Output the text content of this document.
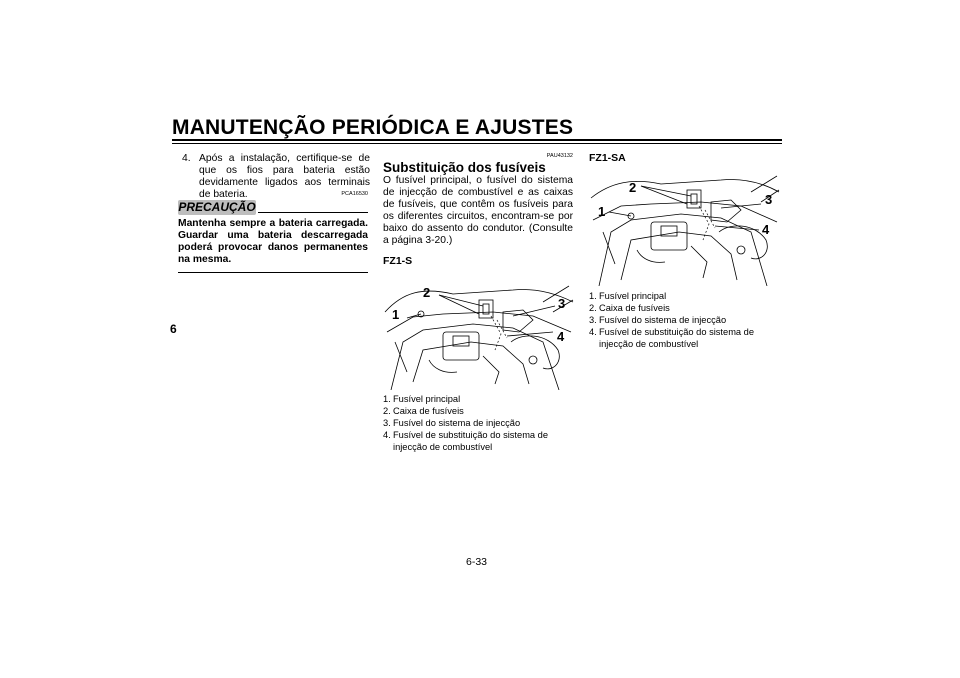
MANUTENÇÃO PERIÓDICA E AJUSTES
6
4. Após a instalação, certifique-se de que os fios para bateria estão devidamente ligados aos terminais de bateria.	PCA16530
PRECAUÇÃO
Mantenha sempre a bateria carregada. Guardar uma bateria descarregada poderá provocar danos permanentes na mesma.
PAU43132
Substituição dos fusíveis
O fusível principal, o fusível do sistema de injecção de combustível e as caixas de fusíveis, que contêm os fusíveis para os diferentes circuitos, encontram-se por baixo do assento do condutor. (Consulte a página 3-20.)
FZ1-S
1
2
3
4
1. Fusível principal
2. Caixa de fusíveis
3. Fusível do sistema de injecção
4. Fusível de substituição do sistema de injecção de combustível
FZ1-SA
1
2
3
4
1. Fusível principal
2. Caixa de fusíveis
3. Fusível do sistema de injecção
4. Fusível de substituição do sistema de injecção de combustível
6-33
